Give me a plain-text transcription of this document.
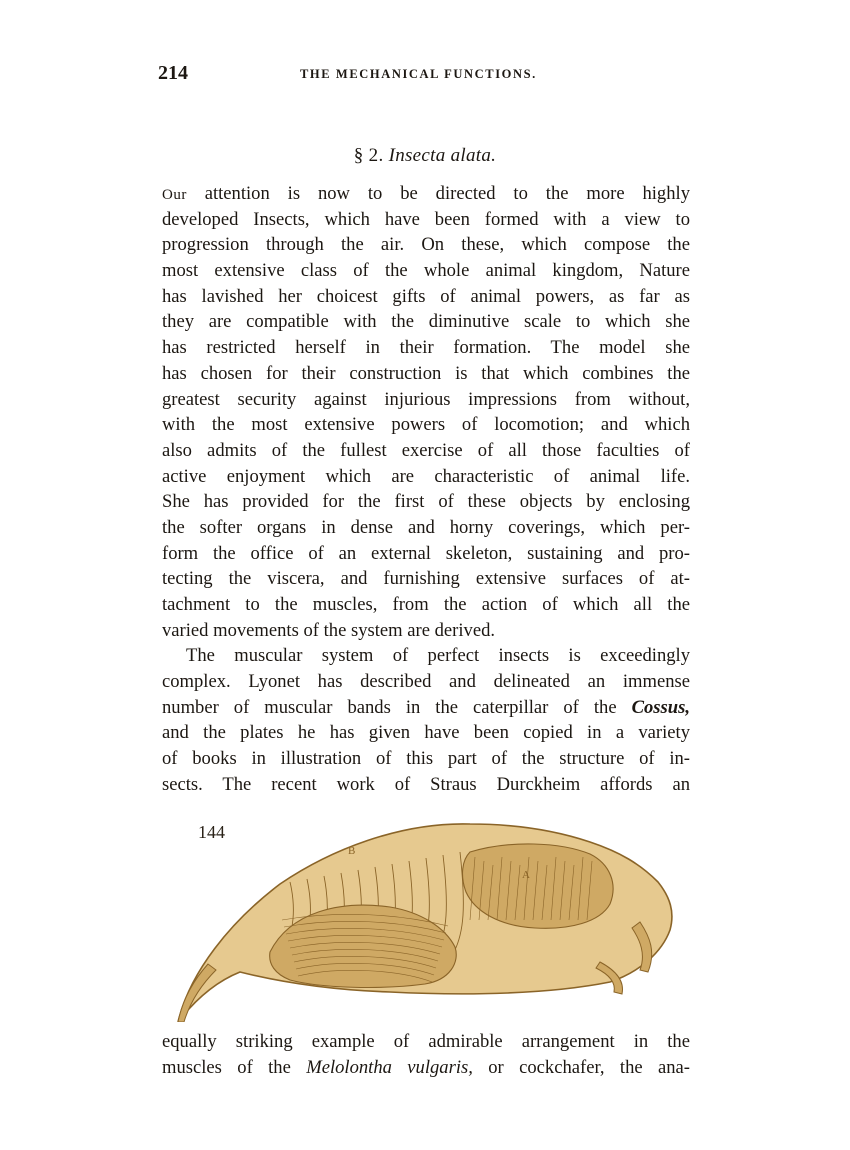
214	THE MECHANICAL FUNCTIONS.
§ 2. Insecta alata.
Our attention is now to be directed to the more highly
developed Insects, which have been formed with a view to
progression through the air. On these, which compose the
most extensive class of the whole animal kingdom, Nature
has lavished her choicest gifts of animal powers, as far as
they are compatible with the diminutive scale to which she
has restricted herself in their formation. The model she
has chosen for their construction is that which combines the
greatest security against injurious impressions from without,
with the most extensive powers of locomotion; and which
also admits of the fullest exercise of all those faculties of
active enjoyment which are characteristic of animal life.
She has provided for the first of these objects by enclosing
the softer organs in dense and horny coverings, which per-
form the office of an external skeleton, sustaining and pro-
tecting the viscera, and furnishing extensive surfaces of at-
tachment to the muscles, from the action of which all the
varied movements of the system are derived.
The muscular system of perfect insects is exceedingly
complex. Lyonet has described and delineated an immense
number of muscular bands in the caterpillar of the Cossus,
and the plates he has given have been copied in a variety
of books in illustration of this part of the structure of in-
sects. The recent work of Straus Durckheim affords an
144
A
B
equally striking example of admirable arrangement in the
muscles of the Melolontha vulgaris, or cockchafer, the ana-
